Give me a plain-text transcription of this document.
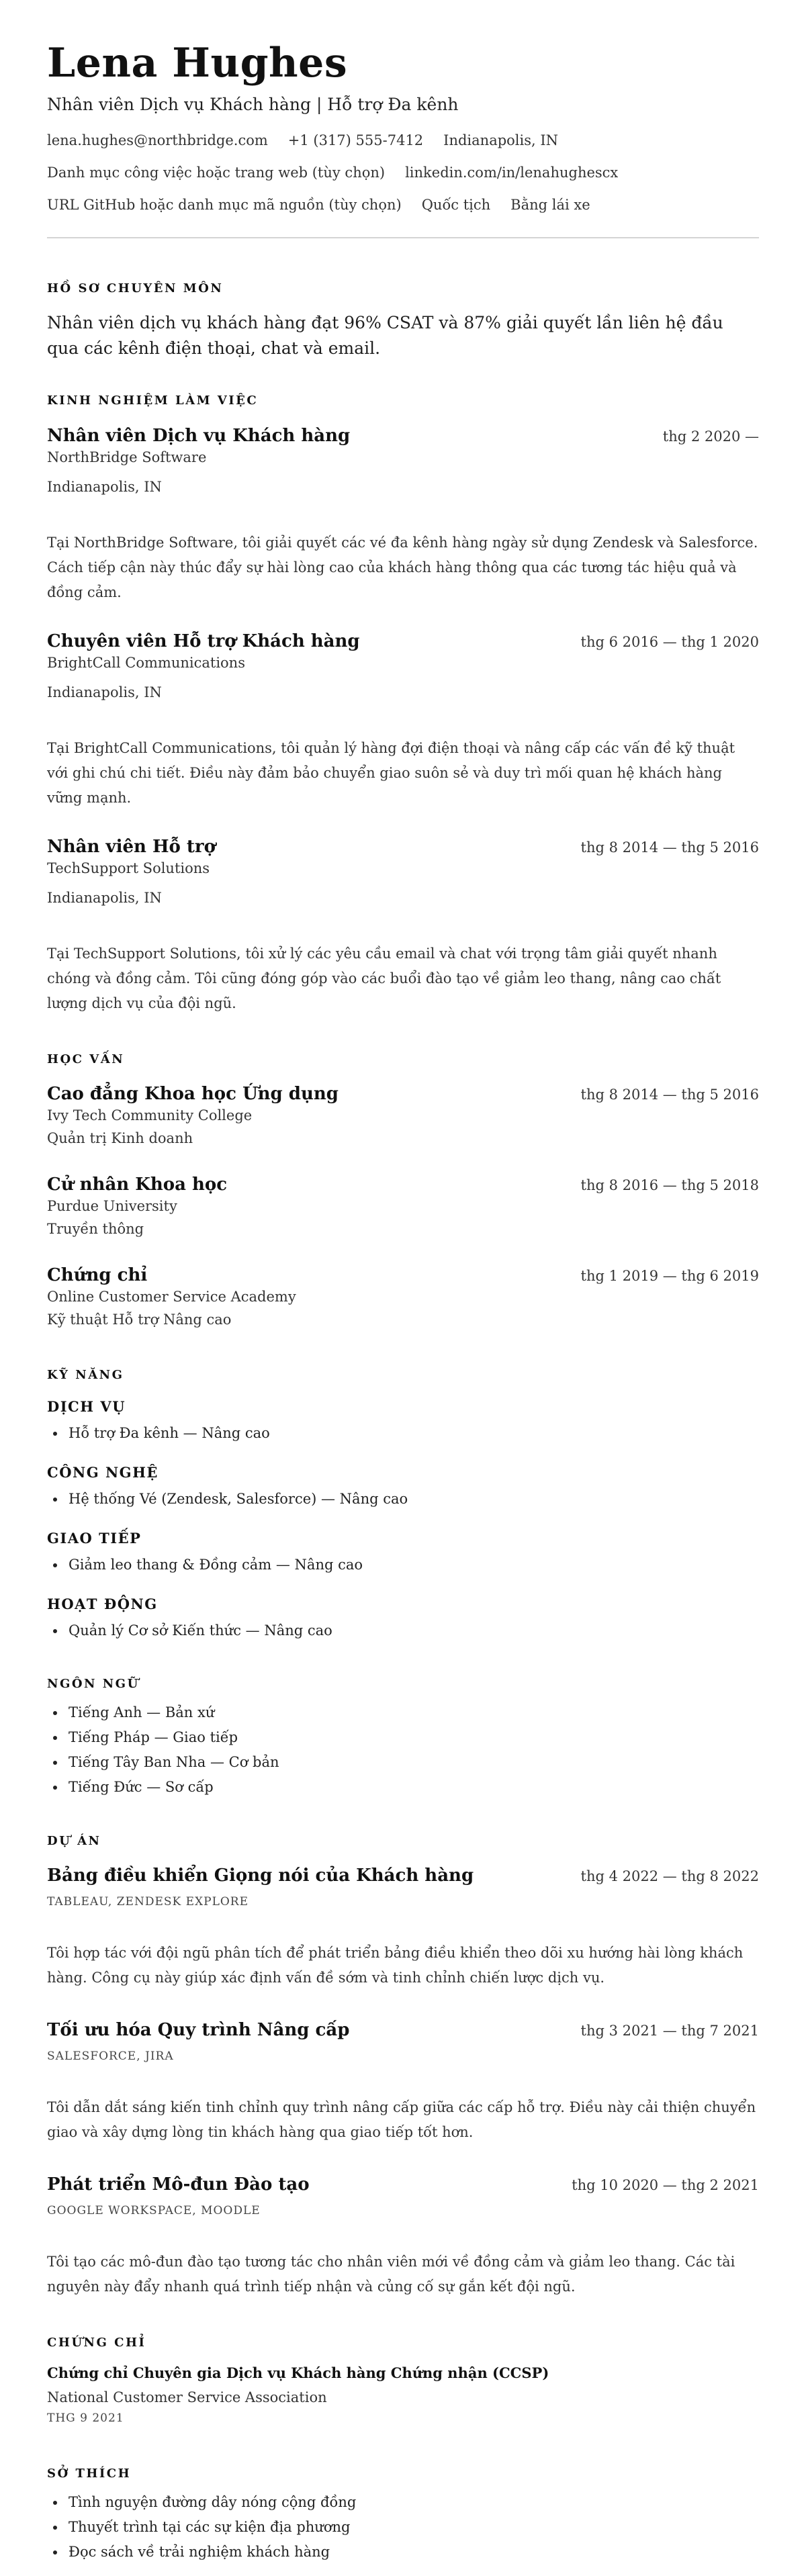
Lena Hughes
Nhân viên Dịch vụ Khách hàng | Hỗ trợ Đa kênh
lena.hughes@northbridge.com +1 (317) 555-7412 Indianapolis, IN
Danh mục công việc hoặc trang web (tùy chọn) linkedin.com/in/lenahughescx
URL GitHub hoặc danh mục mã nguồn (tùy chọn) Quốc tịch Bằng lái xe
HỒ SƠ CHUYÊN MÔN
Nhân viên dịch vụ khách hàng đạt 96% CSAT và 87% giải quyết lần liên hệ đầu qua các kênh điện thoại, chat và email.
KINH NGHIỆM LÀM VIỆC
Nhân viên Dịch vụ Khách hàng	thg 2 2020 —
NorthBridge Software
Indianapolis, IN
Tại NorthBridge Software, tôi giải quyết các vé đa kênh hàng ngày sử dụng Zendesk và Salesforce. Cách tiếp cận này thúc đẩy sự hài lòng cao của khách hàng thông qua các tương tác hiệu quả và đồng cảm.
Chuyên viên Hỗ trợ Khách hàng	thg 6 2016 — thg 1 2020
BrightCall Communications
Indianapolis, IN
Tại BrightCall Communications, tôi quản lý hàng đợi điện thoại và nâng cấp các vấn đề kỹ thuật với ghi chú chi tiết. Điều này đảm bảo chuyển giao suôn sẻ và duy trì mối quan hệ khách hàng vững mạnh.
Nhân viên Hỗ trợ	thg 8 2014 — thg 5 2016
TechSupport Solutions
Indianapolis, IN
Tại TechSupport Solutions, tôi xử lý các yêu cầu email và chat với trọng tâm giải quyết nhanh chóng và đồng cảm. Tôi cũng đóng góp vào các buổi đào tạo về giảm leo thang, nâng cao chất lượng dịch vụ của đội ngũ.
HỌC VẤN
Cao đẳng Khoa học Ứng dụng	thg 8 2014 — thg 5 2016
Ivy Tech Community College
Quản trị Kinh doanh
Cử nhân Khoa học	thg 8 2016 — thg 5 2018
Purdue University
Truyền thông
Chứng chỉ	thg 1 2019 — thg 6 2019
Online Customer Service Academy
Kỹ thuật Hỗ trợ Nâng cao
KỸ NĂNG
DỊCH VỤ
• Hỗ trợ Đa kênh — Nâng cao
CÔNG NGHỆ
• Hệ thống Vé (Zendesk, Salesforce) — Nâng cao
GIAO TIẾP
• Giảm leo thang & Đồng cảm — Nâng cao
HOẠT ĐỘNG
• Quản lý Cơ sở Kiến thức — Nâng cao
NGÔN NGỮ
• Tiếng Anh — Bản xứ
• Tiếng Pháp — Giao tiếp
• Tiếng Tây Ban Nha — Cơ bản
• Tiếng Đức — Sơ cấp
DỰ ÁN
Bảng điều khiển Giọng nói của Khách hàng	thg 4 2022 — thg 8 2022
TABLEAU, ZENDESK EXPLORE
Tôi hợp tác với đội ngũ phân tích để phát triển bảng điều khiển theo dõi xu hướng hài lòng khách hàng. Công cụ này giúp xác định vấn đề sớm và tinh chỉnh chiến lược dịch vụ.
Tối ưu hóa Quy trình Nâng cấp	thg 3 2021 — thg 7 2021
SALESFORCE, JIRA
Tôi dẫn dắt sáng kiến tinh chỉnh quy trình nâng cấp giữa các cấp hỗ trợ. Điều này cải thiện chuyển giao và xây dựng lòng tin khách hàng qua giao tiếp tốt hơn.
Phát triển Mô-đun Đào tạo	thg 10 2020 — thg 2 2021
GOOGLE WORKSPACE, MOODLE
Tôi tạo các mô-đun đào tạo tương tác cho nhân viên mới về đồng cảm và giảm leo thang. Các tài nguyên này đẩy nhanh quá trình tiếp nhận và củng cố sự gắn kết đội ngũ.
CHỨNG CHỈ
Chứng chỉ Chuyên gia Dịch vụ Khách hàng Chứng nhận (CCSP)
National Customer Service Association
THG 9 2021
SỞ THÍCH
• Tình nguyện đường dây nóng cộng đồng
• Thuyết trình tại các sự kiện địa phương
• Đọc sách về trải nghiệm khách hàng
